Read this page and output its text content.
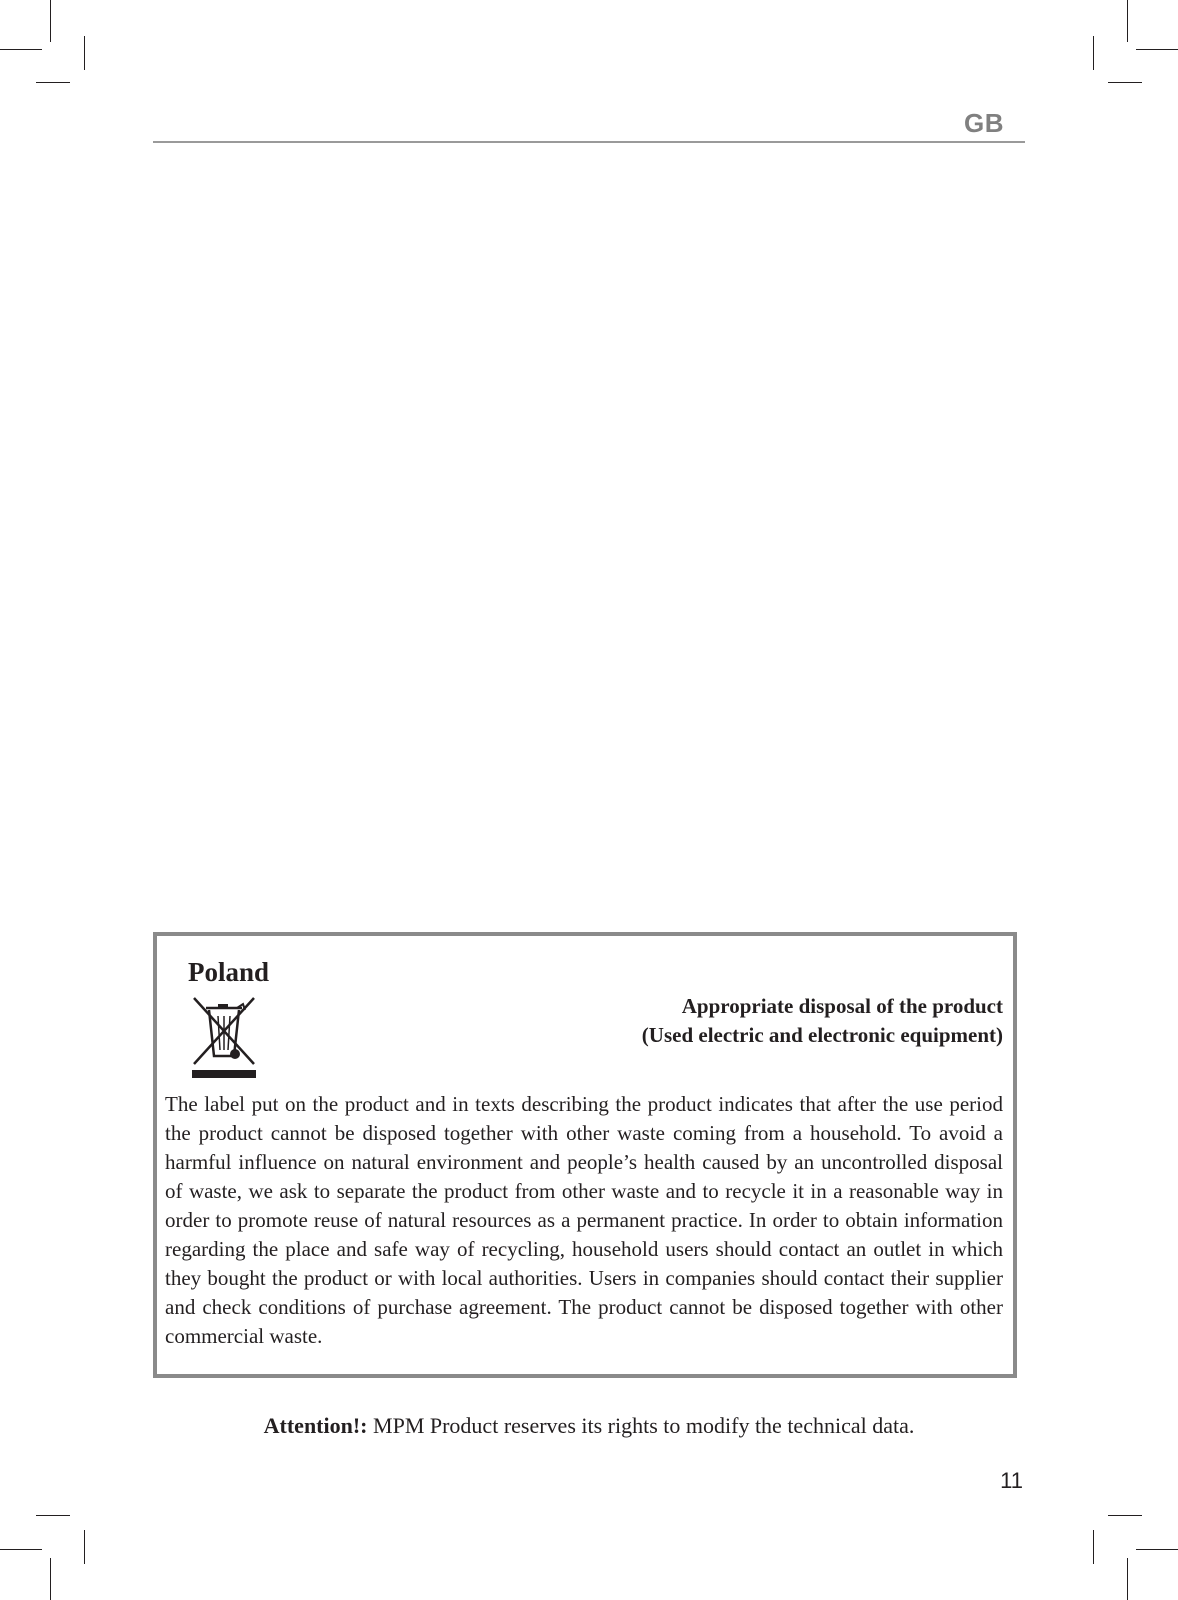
GB
Poland
Appropriate disposal of the product
(Used electric and electronic equipment)

The label put on the product and in texts describing the product indicates that after the use period the product cannot be disposed together with other waste coming from a household. To avoid a harmful influence on natural environment and people’s health caused by an uncontrolled disposal of waste, we ask to separate the product from other waste and to recycle it in a reasonable way in order to promote reuse of natural resources as a permanent practice. In order to obtain information regarding the place and safe way of recycling, household users should contact an outlet in which they bought the product or with local authorities. Users in companies should contact their supplier and check conditions of purchase agreement. The product cannot be disposed together with other commercial waste.

Attention!: MPM Product reserves its rights to modify the technical data.
11
